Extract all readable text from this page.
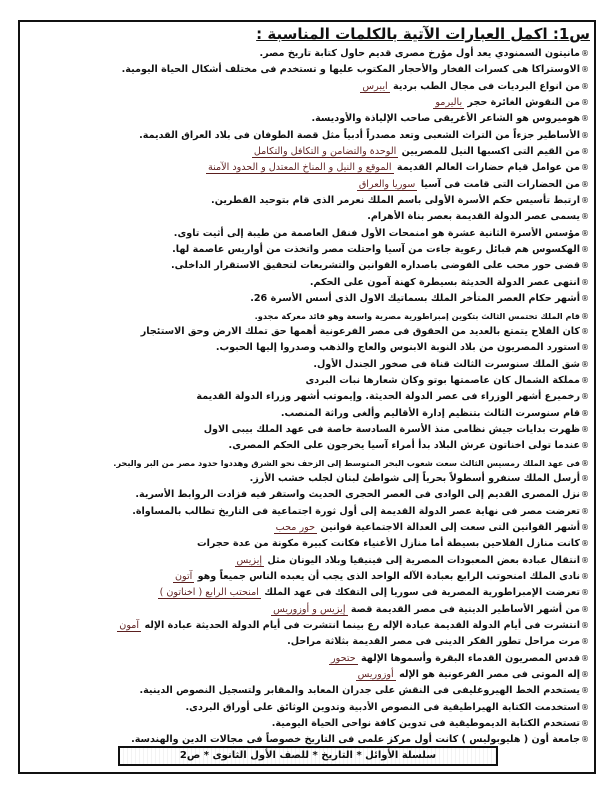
س1: اكمل العبارات الآتية بالكلمات المناسبة :
®مانيتون السمنودي يعد أول مؤرخ مصرى قديم حاول كتابة تاريخ مصر.
®الاوستراكا هى كسرات الفخار والأحجار المكتوب عليها و تستخدم فى مختلف أشكال الحياة اليومية.
®من انواع البرديات فى مجال الطب بردية ايبرس
®من النقوش الغائرة حجر باليرمو
®هوميروس هو الشاعر الأغريقى صاحب الإلياذة والأوديسة.
®الأساطير جزءاً من التراث الشعبى وتعد مصدراً أدبياً مثل قصة الطوفان فى بلاد العراق القديمة.
®من القيم التى اكسبها النيل للمصريين الوحدة والتضامن و التكافل والتكامل
®من عوامل قيام حضارات العالم القديمة الموقع و النيل و المناخ المعتدل و الحدود الآمنة
®من الحضارات التى قامت فى آسيا سوريا والعراق
®ارتبط تأسيس حكم الأسرة الأولى باسم الملك نعرمر الذى قام بتوحيد القطرين.
®يسمى عصر الدولة القديمة بعصر بناة الأهرام.
®مؤسس الأسرة الثانية عشرة هو امنمحات الأول فنقل العاصمة من طيبة إلى أثيت تاوى.
®الهكسوس هم قبائل رعوية جاءت من آسيا واحتلت مصر واتخذت من أواريس عاصمة لها.
®قضى حور محب على الفوضى باصداره القوانين والتشريعات لتحقيق الاستقرار الداخلى.
®انتهى عصر الدولة الحديثة بسيطرة كهنة آمون على الحكم.
®أشهر حكام العصر المتأخر الملك بسماتيك الاول الذى أسس الأسرة 26.
®قام الملك تحتمس الثالث بتكوين إمبراطورية مصرية واسعة وهو قائد معركة مجدو.
®كان الفلاح يتمتع بالعديد من الحقوق فى مصر الفرعونية أهمها حق تملك الارض وحق الاستئجار
®استورد المصريون من بلاد النوبة الابنوس والعاج والذهب وصدروا إليها الحبوب.
®شق الملك سنوسرت الثالث قناة فى صخور الجندل الأول.
®مملكة الشمال كان عاصمتها بوتو وكان شعارها نبات البردى
®رخميرع أشهر الوزراء فى عصر الدولة الحديثة. وإيموتب أشهر وزراء الدولة القديمة
®قام سنوسرت الثالث بتنظيم إدارة الأقاليم وألغى وراثة المنصب.
®ظهرت بدايات جيش نظامى منذ الأسرة السادسة خاصة فى عهد الملك بيبى الاول
®عندما تولى اخناتون عرش البلاد بدأ أمراء آسيا يخرجون على الحكم المصرى.
®فى عهد الملك رمسيس الثالث سعت شعوب البحر المتوسط إلى الزحف نحو الشرق وهددوا حدود مصر من البر والبحر.
®أرسل الملك سنفرو أسطولاً بحرياً إلى شواطئ لبنان لجلب خشب الأرز.
®نزل المصرى القديم إلى الوادى فى العصر الحجرى الحديث واستقر فيه فزادت الروابط الأسرية.
®تعرضت مصر فى نهاية عصر الدولة القديمة إلى أول ثورة اجتماعية فى التاريخ تطالب بالمساواة.
®أشهر القوانين التى سعت إلى العدالة الاجتماعية قوانين حور محب
®كانت منازل الفلاحين بسيطة أما منازل الأغنياء فكانت كبيرة مكونة من عدة حجرات
®انتقال عبادة بعض المعبودات المصرية إلى فينيقيا وبلاد اليونان مثل إيزيس
®نادى الملك امنحوتب الرابع بعبادة الآله الواحد الذى يجب أن يعبده الناس جميعاً وهو آتون
®تعرضت الإمبراطورية المصرية فى سوريا إلى التفكك فى عهد الملك امنحتب الرابع ( اخناتون )
®من أشهر الأساطير الدينية فى مصر القديمة قصة إيزيس و أوزوريس
®انتشرت فى أيام الدولة القديمة عبادة الإله رع بينما انتشرت فى أيام الدولة الحديثة عبادة الإله آمون
®مرت مراحل تطور الفكر الدينى فى مصر القديمة بثلاثة مراحل.
®قدس المصريون القدماء البقرة وأسموها الإلهة حتحور
®إله الموتى فى مصر الفرعونية هو الإله أوزوريس
®يستخدم الخط الهيروغليفى فى النقش على جدران المعابد والمقابر ولتسجيل النصوص الدينية.
®استخدمت الكتابة الهيراطيقية فى النصوص الأدبية وتدوين الوثائق على أوراق البردى.
®تستخدم الكتابة الديموطيقية فى تدوين كافة نواحى الحياة اليومية.
®جامعة أون ( هليوبوليس ) كانت أول مركز علمى فى التاريخ خصوصاً فى مجالات الدين والهندسة.
سلسلة الأوائل * التاريخ * للصف الأول الثانوى * ص2
